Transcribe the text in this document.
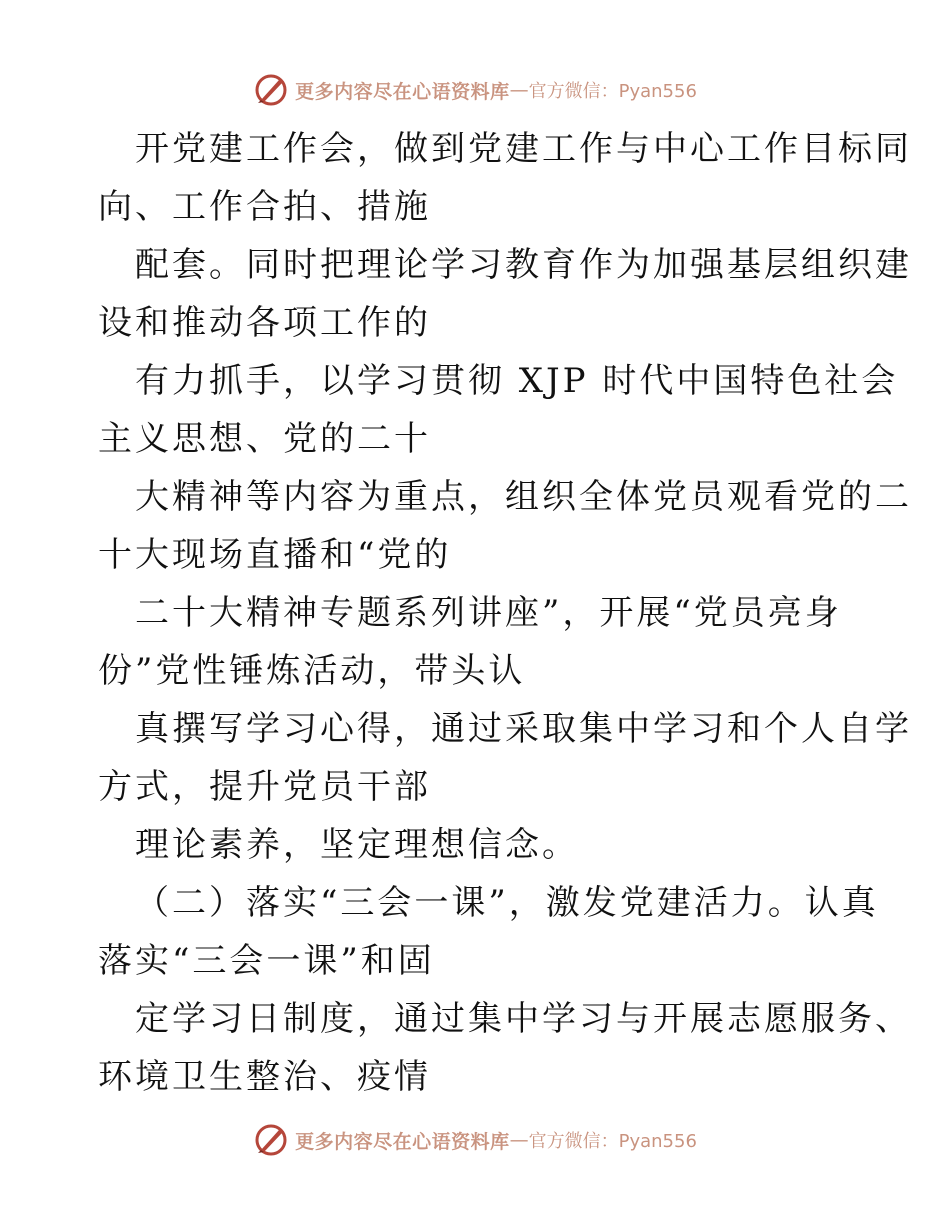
更多内容尽在心语资料库 — 官方微信：Pyan556
开党建工作会，做到党建工作与中心工作目标同
向、工作合拍、措施
配套。同时把理论学习教育作为加强基层组织建
设和推动各项工作的
有力抓手，以学习贯彻 XJP 时代中国特色社会
主义思想、党的二十
大精神等内容为重点，组织全体党员观看党的二
十大现场直播和“党的
二十大精神专题系列讲座”，开展“党员亮身
份”党性锤炼活动，带头认
真撰写学习心得，通过采取集中学习和个人自学
方式，提升党员干部
理论素养，坚定理想信念。
（二）落实“三会一课”，激发党建活力。认真
落实“三会一课”和固
定学习日制度，通过集中学习与开展志愿服务、
环境卫生整治、疫情
更多内容尽在心语资料库 — 官方微信：Pyan556
